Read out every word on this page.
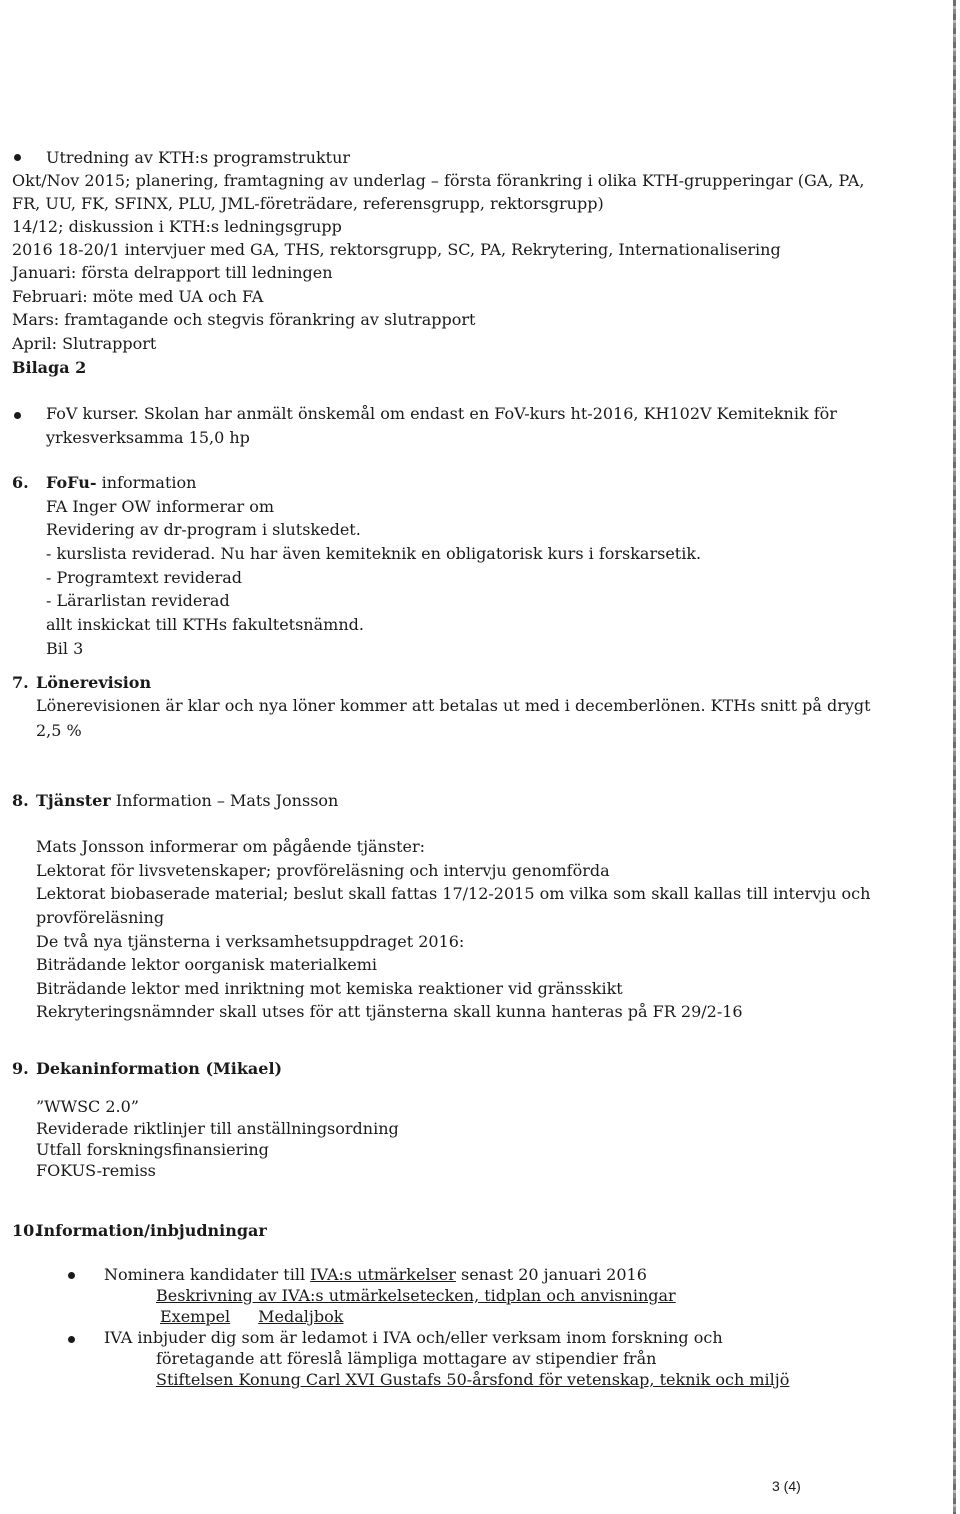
Utredning av KTH:s programstruktur
Okt/Nov 2015; planering, framtagning av underlag – första förankring i olika KTH-grupperingar (GA, PA,
FR, UU, FK, SFINX, PLU, JML-företrädare, referensgrupp, rektorsgrupp)
14/12; diskussion i KTH:s ledningsgrupp
2016 18-20/1 intervjuer med GA, THS, rektorsgrupp, SC, PA, Rekrytering, Internationalisering
Januari: första delrapport till ledningen
Februari: möte med UA och FA
Mars: framtagande och stegvis förankring av slutrapport
April: Slutrapport
Bilaga 2
FoV kurser. Skolan har anmält önskemål om endast en FoV-kurs ht-2016, KH102V Kemiteknik för
yrkesverksamma 15,0 hp
6. FoFu- information
FA Inger OW informerar om
Revidering av dr-program i slutskedet.
- kurslista reviderad. Nu har även kemiteknik en obligatorisk kurs i forskarsetik.
- Programtext reviderad
- Lärarlistan reviderad
allt inskickat till KTHs fakultetsnämnd.
Bil 3
7. Lönerevision
Lönerevisionen är klar och nya löner kommer att betalas ut med i decemberlönen. KTHs snitt på drygt
2,5 %
8. Tjänster Information – Mats Jonsson
Mats Jonsson informerar om pågående tjänster:
Lektorat för livsvetenskaper; provföreläsning och intervju genomförda
Lektorat biobaserade material; beslut skall fattas 17/12-2015 om vilka som skall kallas till intervju och
provföreläsning
De två nya tjänsterna i verksamhetsuppdraget 2016:
Biträdande lektor oorganisk materialkemi
Biträdande lektor med inriktning mot kemiska reaktioner vid gränsskikt
Rekryteringsnämnder skall utses för att tjänsterna skall kunna hanteras på FR 29/2-16
9. Dekaninformation (Mikael)
”WWSC 2.0”
Reviderade riktlinjer till anställningsordning
Utfall forskningsfinansiering
FOKUS-remiss
10.
Information/inbjudningar
Nominera kandidater till IVA:s utmärkelser senast 20 januari 2016
Beskrivning av IVA:s utmärkelsetecken, tidplan och anvisningar
Exempel Medaljbok
IVA inbjuder dig som är ledamot i IVA och/eller verksam inom forskning och
företagande att föreslå lämpliga mottagare av stipendier från
Stiftelsen Konung Carl XVI Gustafs 50-årsfond för vetenskap, teknik och miljö
3 (4)
